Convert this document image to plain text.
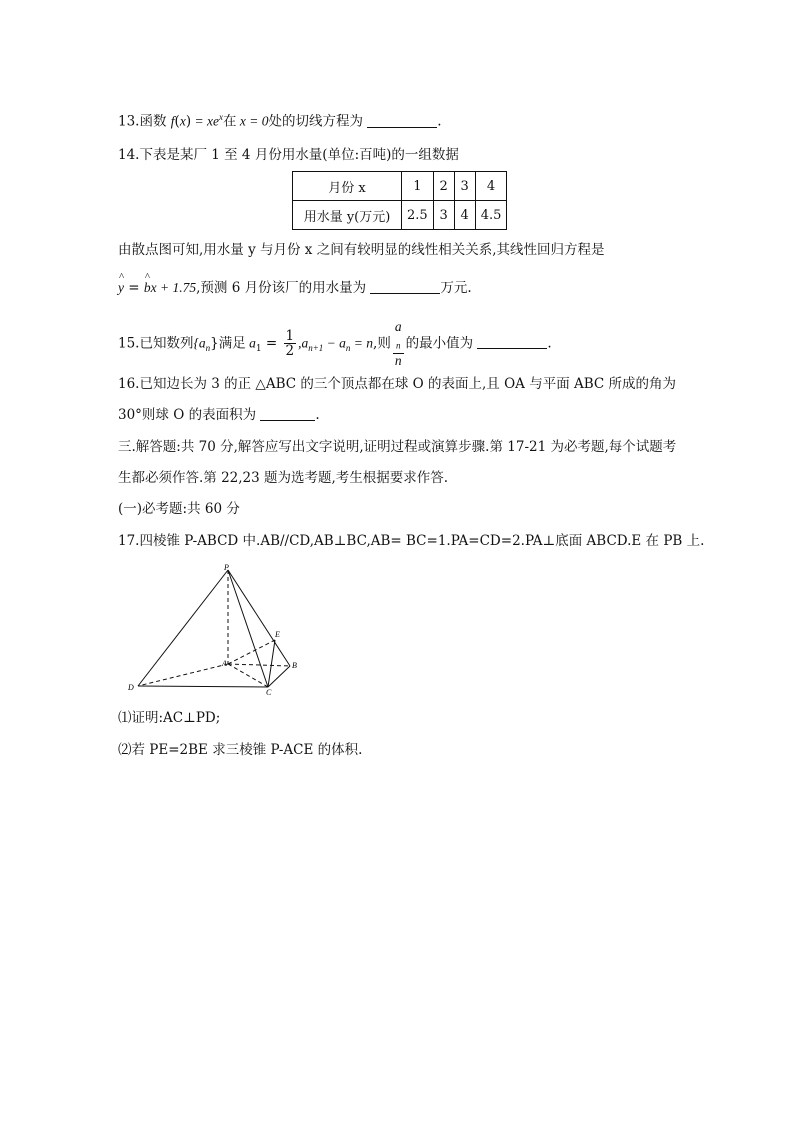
13.函数 $f(x) = xe^x$在 x = 0处的切线方程为	.
14.下表是某厂 1 至 4 月份用水量(单位:百吨)的一组数据
月份 x	1	2	3	4
用水量 y(万元)	2.5	3	4	4.5
由散点图可知,用水量 y 与月份 x 之间有较明显的线性相关关系,其线性回归方程是
^ y = ^ bx + 1.75,预测 6 月份该厂的用水量为	万元.
15.已知数列$\{a_n\}$满足 $a_1 = \frac{1}{2} ,a_{n+1} - a_n = n$,则 a
$_n$
n 的最小值为	.
16.已知边长为 3 的正 △ABC 的三个顶点都在球 O 的表面上,且 OA 与平面 ABC 所成的角为
30°则球 O 的表面积为	.
三.解答题:共 70 分,解答应写出文字说明,证明过程或演算步骤.第 17-21 为必考题,每个试题考
生都必须作答.第 22,23 题为选考题,考生根据要求作答.
(一)必考题:共 60 分
17.四棱锥 P-ABCD 中.AB//CD,AB⊥BC,AB= BC=1.PA=CD=2.PA⊥底面 ABCD.E 在 PB 上.
P
A	B
C
D
E
⑴证明:AC⊥PD;
⑵若 PE=2BE 求三棱锥 P-ACE 的体积.
